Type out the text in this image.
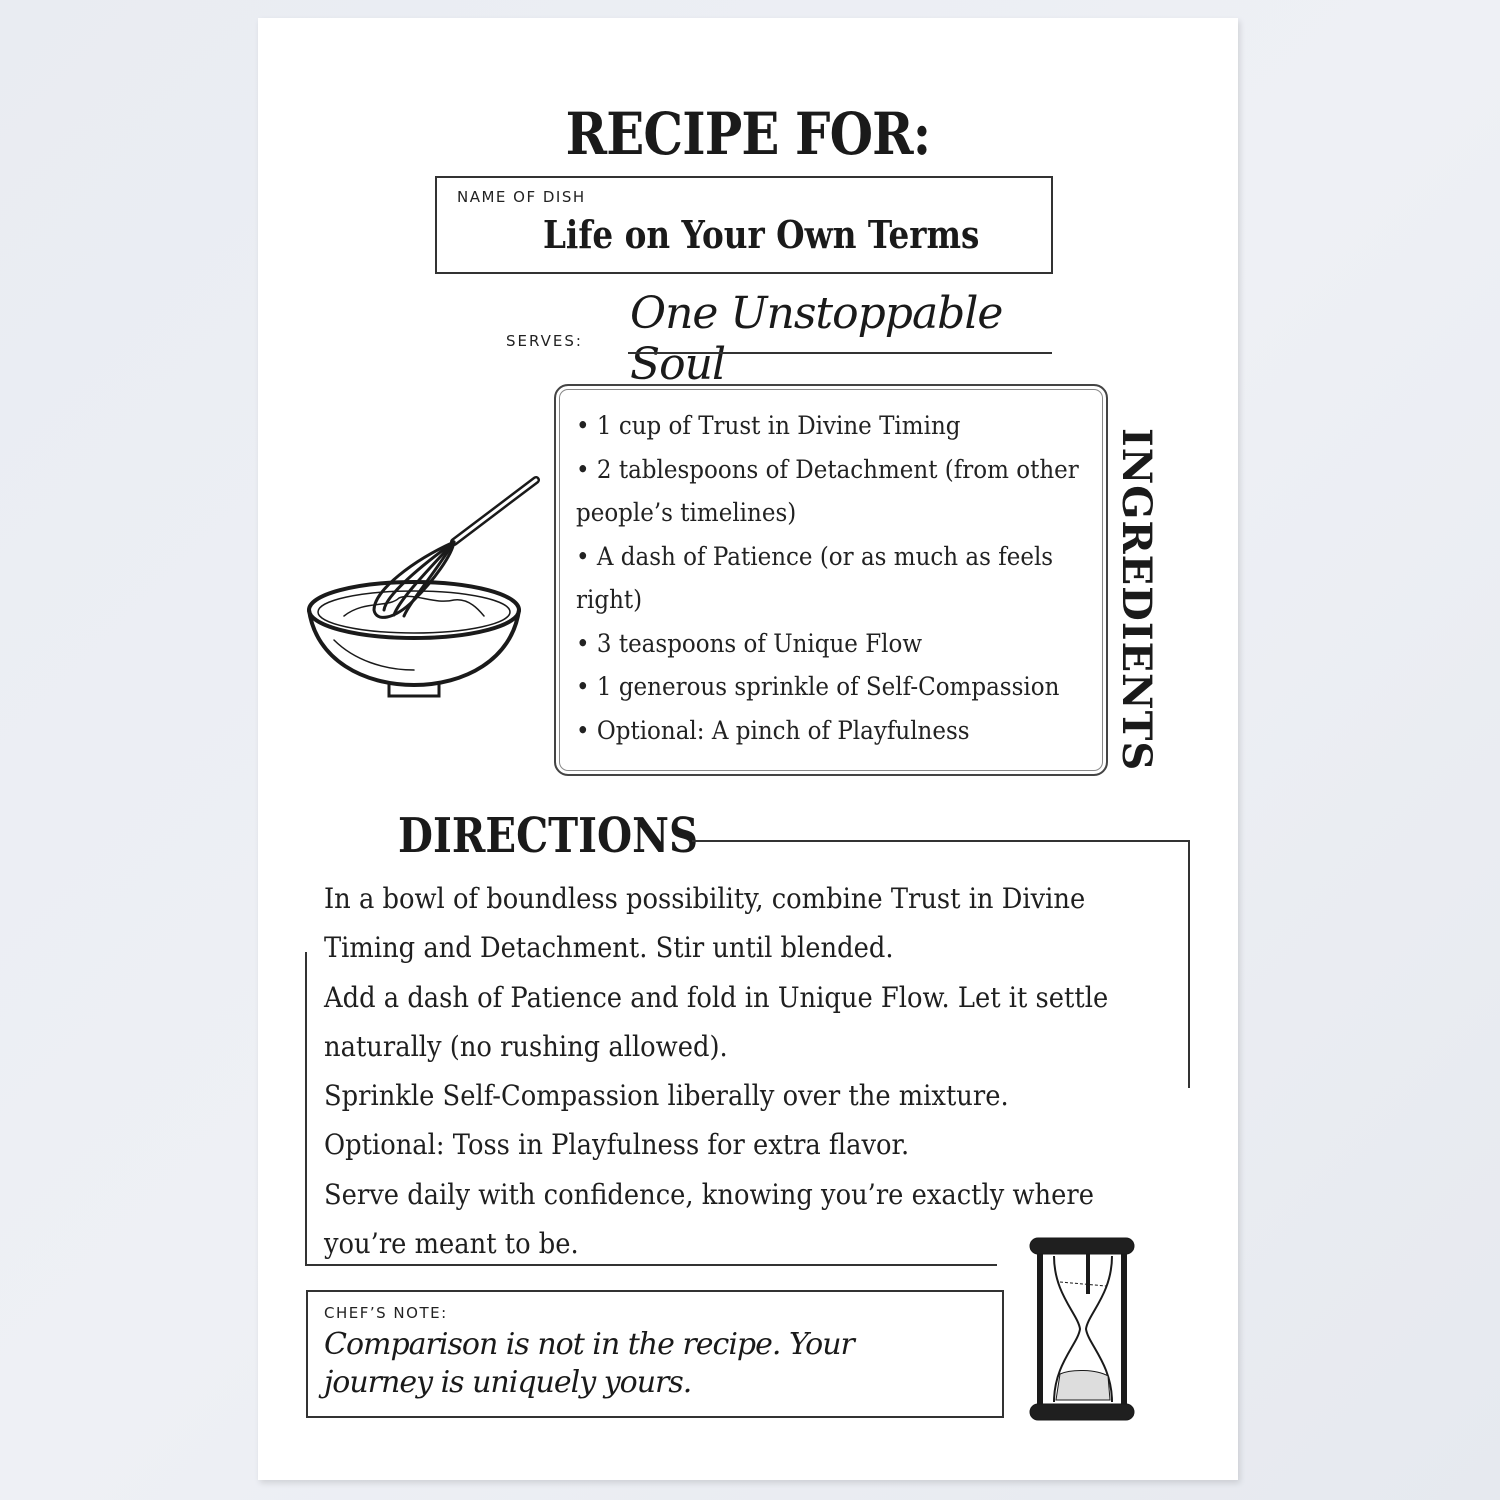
RECIPE FOR:
NAME OF DISH
Life on Your Own Terms
SERVES:
One Unstoppable Soul
• 1 cup of Trust in Divine Timing
• 2 tablespoons of Detachment (from other people’s timelines)
• A dash of Patience (or as much as feels right)
• 3 teaspoons of Unique Flow
• 1 generous sprinkle of Self-Compassion
• Optional: A pinch of Playfulness	INGREDIENTS
DIRECTIONS
In a bowl of boundless possibility, combine Trust in Divine Timing and Detachment. Stir until blended.
Add a dash of Patience and fold in Unique Flow. Let it settle naturally (no rushing allowed).
Sprinkle Self-Compassion liberally over the mixture.
Optional: Toss in Playfulness for extra flavor.
Serve daily with confidence, knowing you’re exactly where you’re meant to be.
CHEF’S NOTE:
Comparison is not in the recipe. Your journey is uniquely yours.
